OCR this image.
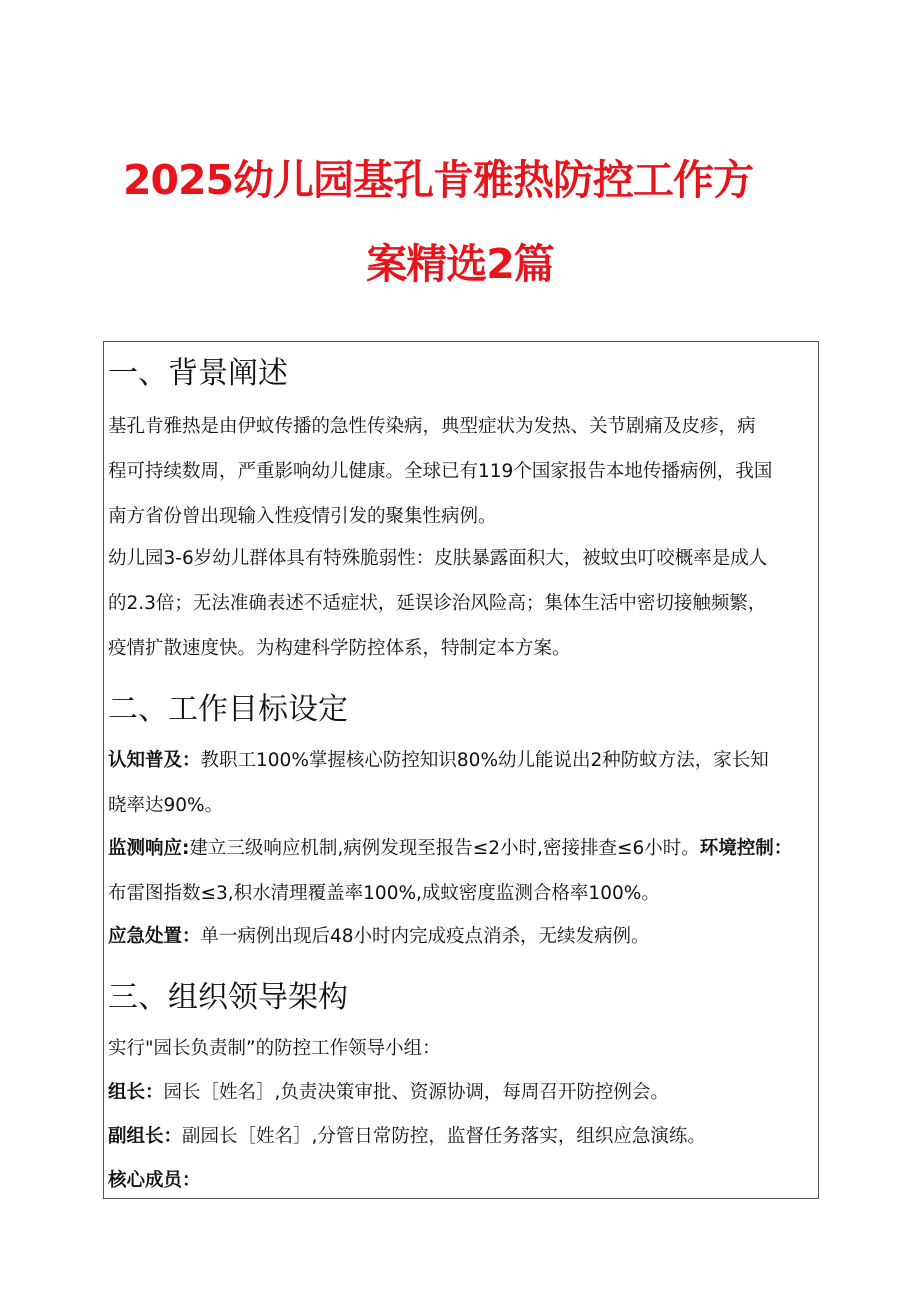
2025幼儿园基孔肯雅热防控工作方
案精选2篇
一、背景阐述
基孔肯雅热是由伊蚊传播的急性传染病，典型症状为发热、关节剧痛及皮疹，病
程可持续数周，严重影响幼儿健康。全球已有119个国家报告本地传播病例，我国
南方省份曾出现输入性疫情引发的聚集性病例。
幼儿园3-6岁幼儿群体具有特殊脆弱性：皮肤暴露面积大，被蚊虫叮咬概率是成人
的2.3倍；无法准确表述不适症状，延误诊治风险高；集体生活中密切接触频繁，
疫情扩散速度快。为构建科学防控体系，特制定本方案。
二、工作目标设定
认知普及：教职工100%掌握核心防控知识80%幼儿能说出2种防蚊方法，家长知
晓率达90%。
监测响应:建立三级响应机制,病例发现至报告≤2小时,密接排查≤6小时。环境控制：
布雷图指数≤3,积水清理覆盖率100%,成蚊密度监测合格率100%。
应急处置：单一病例出现后48小时内完成疫点消杀，无续发病例。
三、组织领导架构
实行"园长负责制”的防控工作领导小组：
组长：园长［姓名］,负责决策审批、资源协调，每周召开防控例会。
副组长：副园长［姓名］,分管日常防控，监督任务落实，组织应急演练。
核心成员：
